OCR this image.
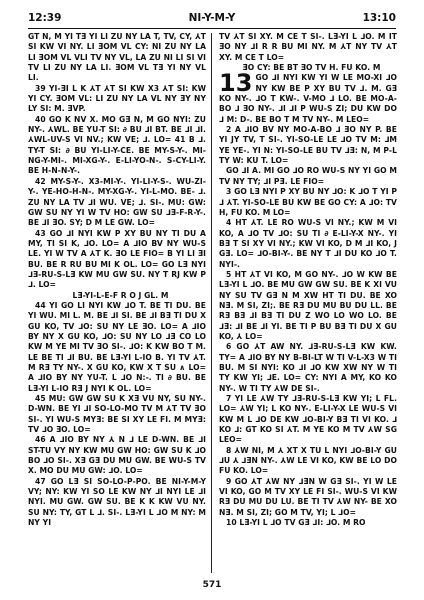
12:39	NI-Y-M-Y	13:10

GT N, M YI TƎ YI LI ZU NY LA T, TV, CY, ⅄T SI KW VI NY. LI ƎOM VL CY: NI ZU NY LA LI ƎOM VL VLI TV NY VL, LA ZU NI LI SI VI TV LI ZU NY LA LI. ƎOM VL TƎ YI NY VL LI.

39 YI-ƎI L K ⅄T ⅄T SI KW X3 ⅄T SI: KW YI CY. ƎOM VL: LI ZU NY LA VL NY ƎY NY LY SI: M. ƎVP.

40 GO K NV X. MO GƎ N, M GO NYI: ZU NY-. ⅄WL. BE YU-T SI: ∂ BU ⅃I BT. BE ⅃I ⅃I. ⅄WL-UV-S VI NV.; KW VE; ⅃. LO= 41 B ⅃. TY-T SI: ∂ BU YI-LI-Y-CE. BE MY-S-Y-. MI-NG-Y-MI-. MI-XG-Y-. E-LI-YO-N-. S-CY-LI-Y. BE H-N-N-Y-.

42 MY-S-Y-. X3-MI-Y-. YI-LI-Y-S-. WU-ZI-Y-. YE-HO-H-N-. MY-XG-Y-. YI-L-MO. BE- ⅃. ZU NY LA TV ⅃I WU. VE; ⅃. SI-. MU: GW: GW SU NY YI W TV HO: GW SU ⅃Ǝ-F-R-Y-. BE ⅃I ƎO. SY; D M LE GW. LO=

43 GO ⅃I NYI KW P XY BU NY TI DU A MY, TI SI K, ⅃O. LO= A ⅃IO BV NY WU-S LE. YI W TV A ⅄T K. ƎO LE FIO= B YI LI ƎI BU. BE R RU BU MI K OL. LO= GO LƎ NYI ⅃Ǝ-RU-S-LƎ KW MU GW SU. NY T RJ KW P ⅃. LO=

LƎ-YI-L-E-F R O J GL. M

44 YI GO LI NYI KW ⅃O T. BE TI DU. BE YI WU. MI L. M. BE ⅃I SI. BE ⅃I BƎ TI DU X GU KO, TV ⅃O: SU NY LE ƎO. LO= A ⅃IO BY NY X GU KO, ⅃O: SU NY LO ⅃Ǝ CO LO KW M YE MI TV ƎO SI-. ⅃O: K KW BO T M. LE BE TI ⅃I BU. BE LƎ-YI L-IO B. YI TV ⅄T. M RƎ TY NY-. X GU KO, KW X T SU ∧ LO= A ⅃IO BY NY YU-T. L ⅃O N:-. TI ∂ BU. BE LƎ-YI L-IO RƎ J NYI K OL. LO=

45 MU: GW GW SU K XƎ VU NY, SU NY-. D-WN. BE YI ⅃I SO-LO-MO TV M ⅄T TV ƎO SI-. YI WU-S MYƎ: BE SI XY LE FI. M MYƎ: TV ⅃O ƎO. LO=

46 A ⅃IO BY NY ⅄ N ⅃ LE D-WN. BE ⅃I ST-TU VY NY KW MU GW HO: GW SU K ⅃O BO ⅃O SI-. XƎ GƎ DU MU GW. BE WU-S TV X. MO DU MU GW: ⅃O. LO=

47 GO LƎ SI SO-LO-P-PO. BE NI-Y-M-Y VY; NY: KW YI SO LE KW NY ⅃I NYI LE ⅃I NYI. MU GW. GW SU. BE K K KW VU NY. SU NY: TY, GT L ⅃. SI-. LƎ-YI L ⅃O M NY: M NY YI

TV ⅄T SI XY. M CE T SI-. LƎ-YI L ⅃O. M IT ƎO NY ⅃I R R BU MI NY. M ⅄T NY TV ⅄T XY. M CE T LO=

ƎO CY: BE BT ƎO TV H. FU KO. M

13 GO ⅃I NYI KW YI W LE MO-XI ⅃O NY KW BE P XY BU TV ⅃. M. GƎ KO NY-. ⅃O T KW-. V-MO ⅃ LO. BE MO-A-BO ⅃ ƎO NY-. ⅃I ⅃I P WU-S ZI; DU KW DO ⅃ M: D-. BE BO T M TV NY-. M LEO=

2 A ⅃IO BV NY MO-A-BO ⅃ ƎO NY P. BE YI JY TV, T SI-. YI-SO-LE LE ⅃O TV M: ⅃M YE YE-. YI N: YI-SO-LE BU TV ⅃Ǝ: N, M P-L TY W: KU T. LO=

GO ⅃I A. MI GO ⅃O RO WU-S NY YI GO M TV NY TY; ⅃I PƎ. LE FIO=

3 GO LƎ NYI P XY BU NY ⅃O: K ⅃O T YI P ⅃ ⅄T. YI-SO-LE BU KW BE GO CY: A ⅃O: TV H, FU KO. M LO=

4 HT ⅄T. LE RO WU-S VI NY.; KW M VI KO, A ⅃O TV ⅃O: SU TI ∂ E-LI-Y-X NY-. YI BƎ T SI XY VI NY.; KW VI KO, D M ⅃I KO, J GƎ. LO= ⅃O-BI-Y-. BE NY T ⅃I DU KO ⅃O T. NYI-.

5 HT ⅄T VI KO, M GO NY-. ⅃O W KW BE LƎ-YI L ⅃O. BE MU GW GW SU. BE K XI VU NY SU TV GƎ N M XW HT TI DU. BE XO NƎ. M SI, ZI;. BE RƎ DU MU BU DU LL. BE RƎ BƎ ⅃I BƎ TI DU Z WO LO WO LO. BE ⅃Ǝ: ⅃I BE ⅃I YI. BE TI P BU BƎ TI DU X GU KO, ⅄ LO=

6 GO ⅄T AW NY. ⅃Ǝ-RU-S-LƎ KW KW. TY= A ⅃IO BY NY B-BI-LT W TI V-L-X3 W TI BU. M SI NYI: KO ⅃I ⅃O KW XW NY W TI TY KW YI; ⅃E. LO= CY: NYI A MY, KO KO NY-. W TI TY ⅄W DE SI-.

7 YI LE ⅄W TY ⅃Ǝ-RU-S-LƎ KW YI; L FL. LO= ⅄W YI; L KO NY-. E-LI-Y-X LE WU-S VI KW M L ⅃O DE KW ⅃O-BI-Y BƎ TI VI KO. ⅃ KO ⅃: GT KO SI ⅄T. M YE KO M TV ⅄W SG LEO=

8 ⅄W NI, M ⅄ XT X TU L NYI ⅃O-BI-Y GU ⅃U ⅄ ⅃ƎN NY-. ⅄W LE VI KO, KW BE LO DO FU KO. LO=

9 GO ⅄T ⅄W NY ⅃ƎN W GƎ SI-. YI W LE VI KO, GO M TV XY LE FI SI-. WU-S VI KW RƎ DU MU DU LU. BE TI TV ⅄W NY- BE XO NƎ. M SI, ZI; GO M TV, YI; L ⅃O=

10 LƎ-YI L ⅃O TV GƎ ⅃I: ⅃O. M RO

571
